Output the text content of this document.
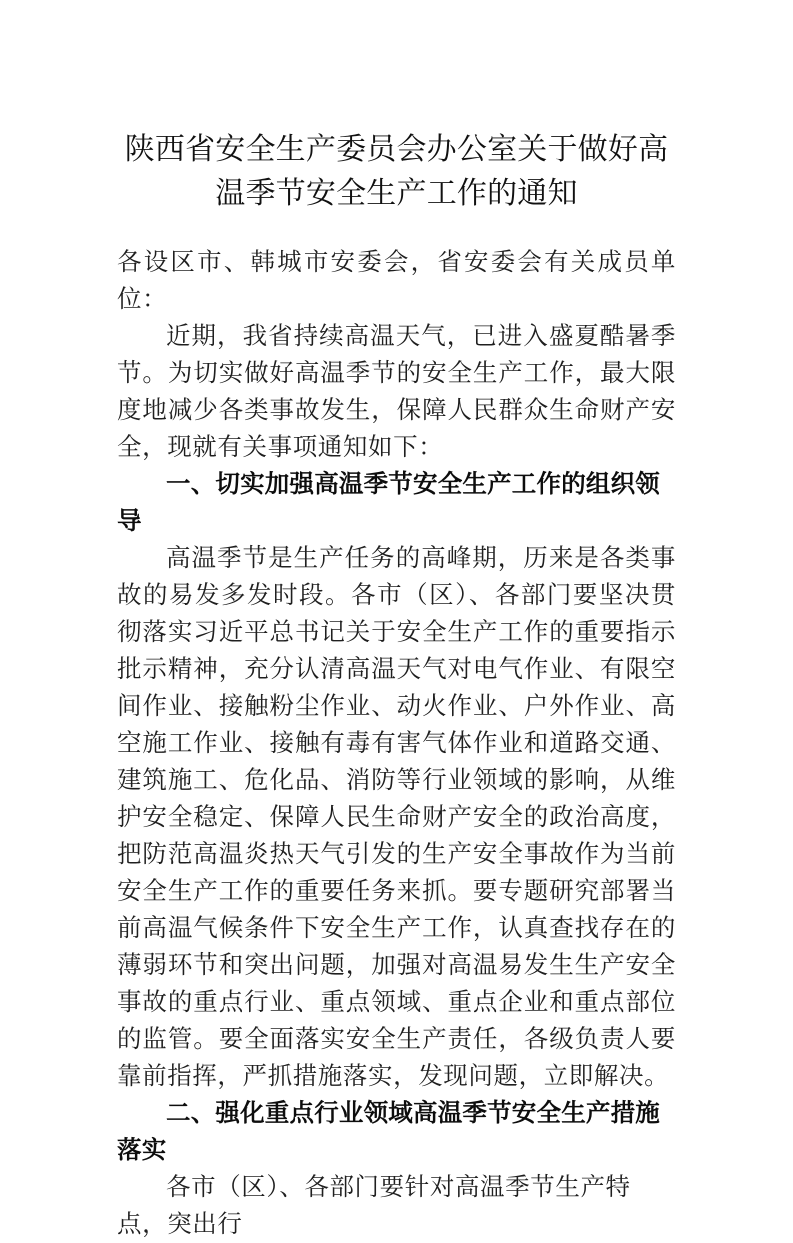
陕西省安全生产委员会办公室关于做好高温季节安全生产工作的通知

各设区市、韩城市安委会，省安委会有关成员单位：

近期，我省持续高温天气，已进入盛夏酷暑季节。为切实做好高温季节的安全生产工作，最大限度地减少各类事故发生，保障人民群众生命财产安全，现就有关事项通知如下：

一、切实加强高温季节安全生产工作的组织领导

高温季节是生产任务的高峰期，历来是各类事故的易发多发时段。各市（区）、各部门要坚决贯彻落实习近平总书记关于安全生产工作的重要指示批示精神，充分认清高温天气对电气作业、有限空间作业、接触粉尘作业、动火作业、户外作业、高空施工作业、接触有毒有害气体作业和道路交通、建筑施工、危化品、消防等行业领域的影响，从维护安全稳定、保障人民生命财产安全的政治高度，把防范高温炎热天气引发的生产安全事故作为当前安全生产工作的重要任务来抓。要专题研究部署当前高温气候条件下安全生产工作，认真查找存在的薄弱环节和突出问题，加强对高温易发生生产安全事故的重点行业、重点领域、重点企业和重点部位的监管。要全面落实安全生产责任，各级负责人要靠前指挥，严抓措施落实，发现问题，立即解决。

二、强化重点行业领域高温季节安全生产措施落实

各市（区）、各部门要针对高温季节生产特点，突出行
